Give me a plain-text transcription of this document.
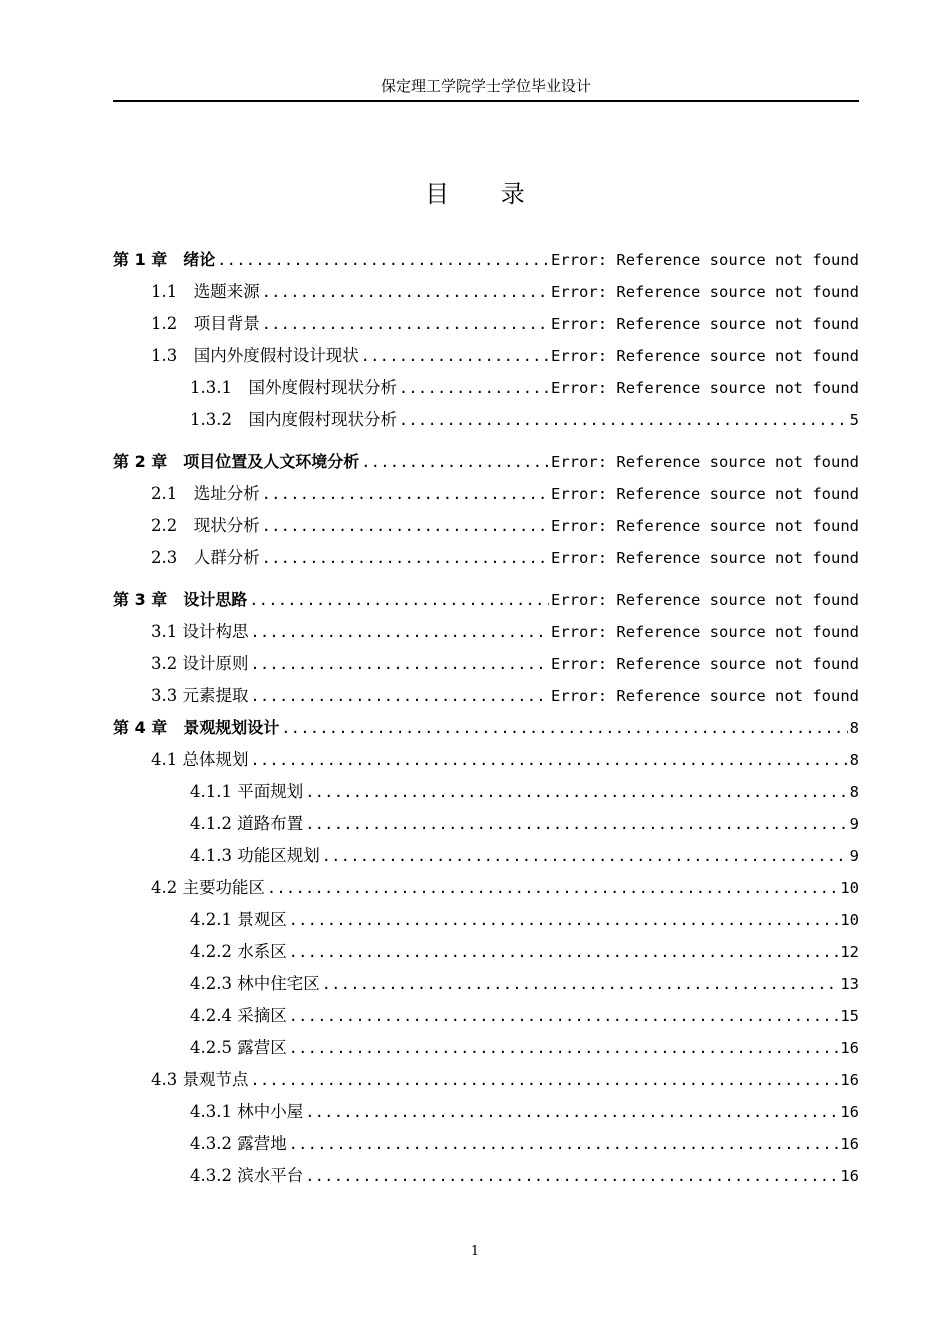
保定理工学院学士学位毕业设计
目 录
第 1 章　绪论 .....	Error: Reference source not found
1.1　选题来源 .....	Error: Reference source not found
1.2　项目背景 .....	Error: Reference source not found
1.3　国内外度假村设计现状 .....	Error: Reference source not found
1.3.1　国外度假村现状分析 .....	Error: Reference source not found
1.3.2　国内度假村现状分析 .....	5
第 2 章　项目位置及人文环境分析 .....	Error: Reference source not found
2.1　选址分析 .....	Error: Reference source not found
2.2　现状分析 .....	Error: Reference source not found
2.3　人群分析 .....	Error: Reference source not found
第 3 章　设计思路 .....	Error: Reference source not found
3.1 设计构思 .....	Error: Reference source not found
3.2 设计原则 .....	Error: Reference source not found
3.3 元素提取 .....	Error: Reference source not found
第 4 章　景观规划设计 .....	8
4.1 总体规划 .....	8
4.1.1 平面规划 .....	8
4.1.2 道路布置 .....	9
4.1.3 功能区规划 .....	9
4.2 主要功能区 .....	10
4.2.1 景观区 .....	10
4.2.2 水系区 .....	12
4.2.3 林中住宅区 .....	13
4.2.4 采摘区 .....	15
4.2.5 露营区 .....	16
4.3 景观节点 .....	16
4.3.1 林中小屋 .....	16
4.3.2 露营地 .....	16
4.3.2 滨水平台 .....	16
1
